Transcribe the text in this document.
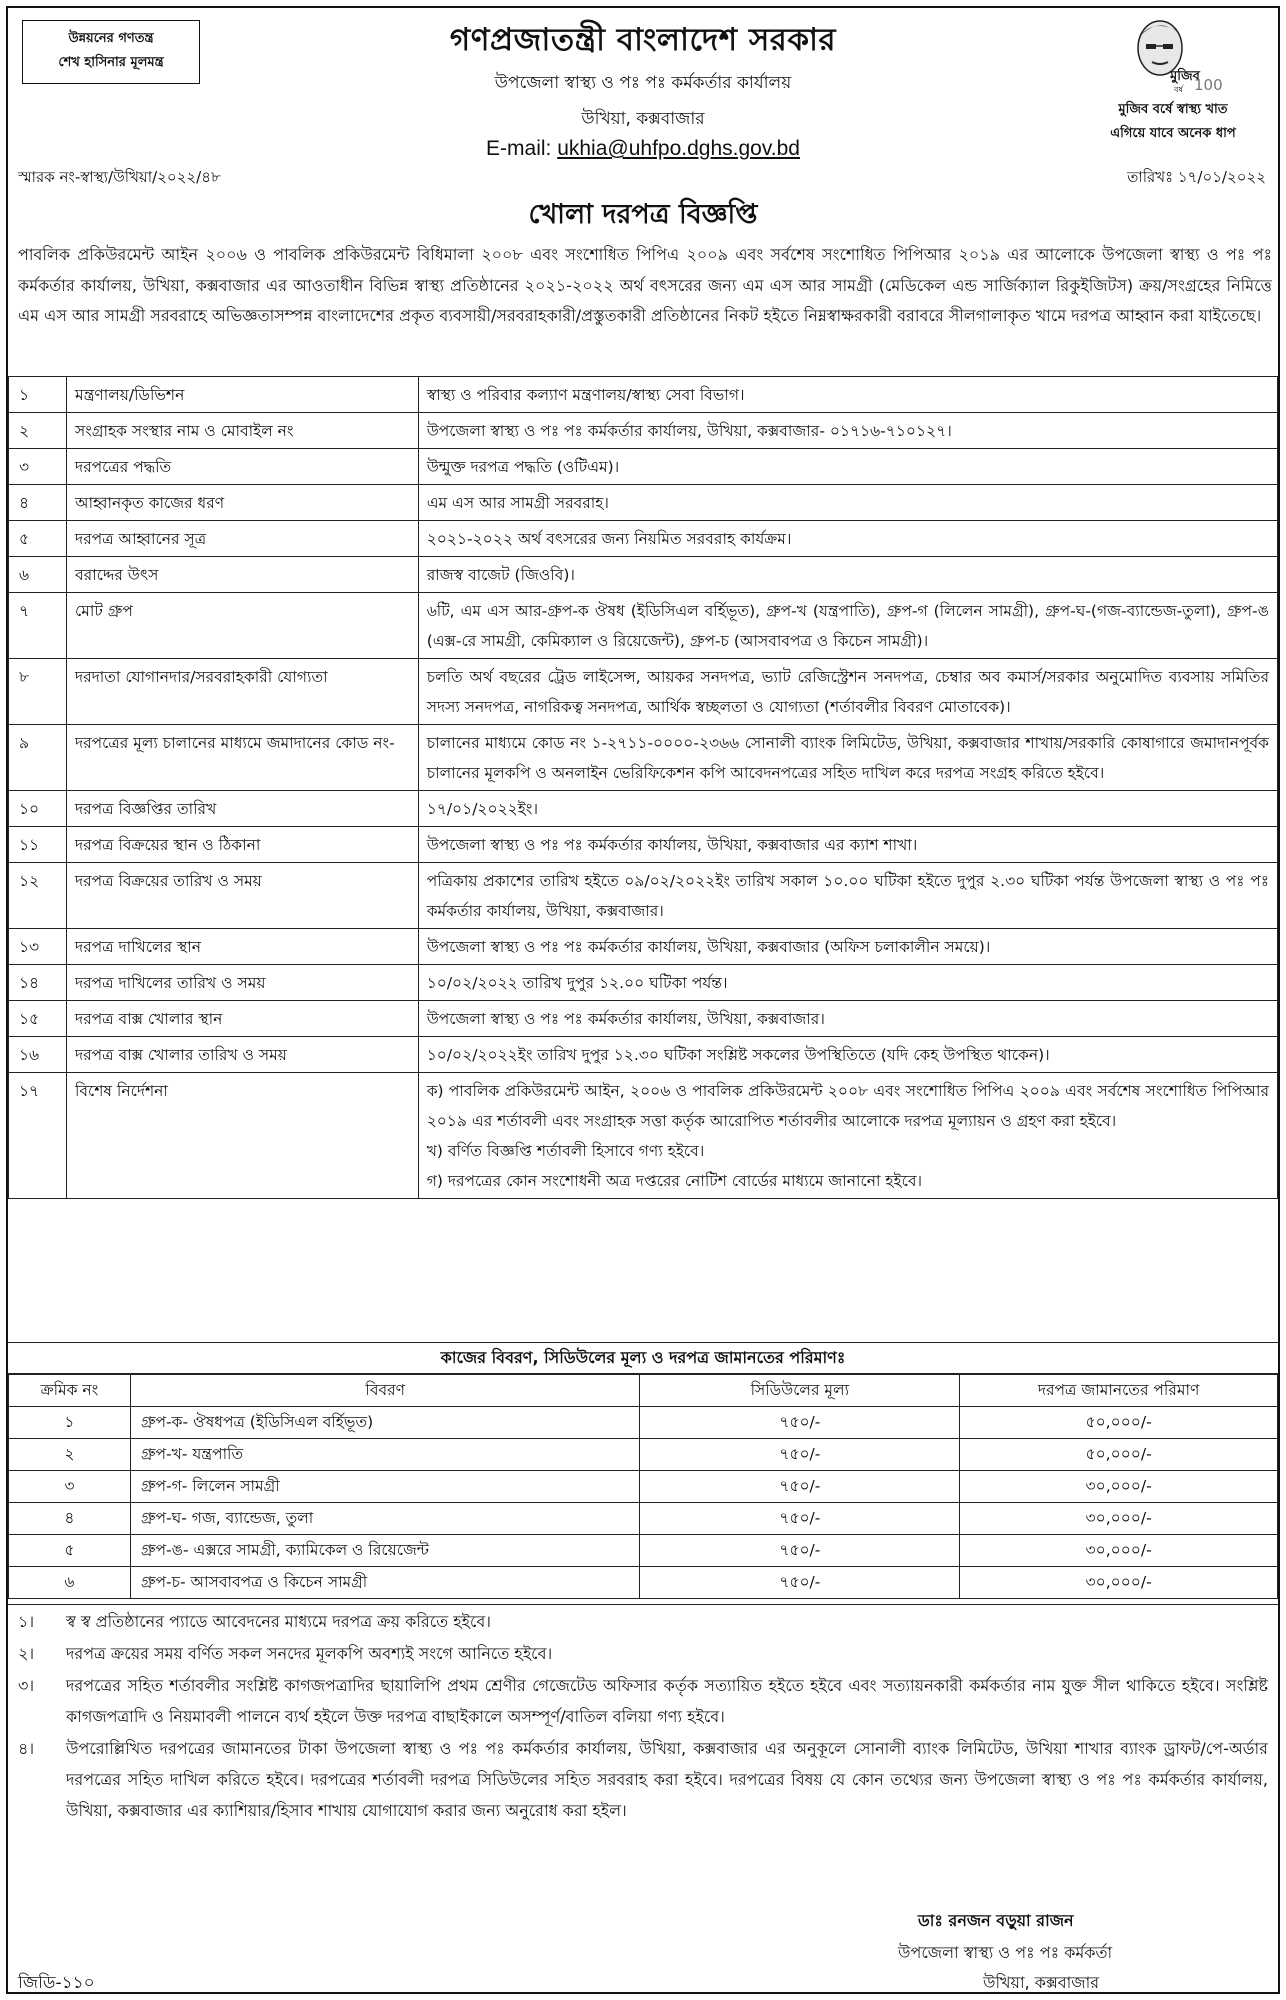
উন্নয়নের গণতন্ত্র
শেখ হাসিনার মূলমন্ত্র
গণপ্রজাতন্ত্রী বাংলাদেশ সরকার
উপজেলা স্বাস্থ্য ও পঃ পঃ কর্মকর্তার কার্যালয়
উখিয়া, কক্সবাজার
E-mail: ukhia@uhfpo.dghs.gov.bd
মুজিব
বর্ষ 100
মুজিব বর্ষে স্বাস্থ্য খাত
এগিয়ে যাবে অনেক ধাপ
স্মারক নং-স্বাস্থ্য/উখিয়া/২০২২/৪৮	তারিখঃ ১৭/০১/২০২২
খোলা দরপত্র বিজ্ঞপ্তি
পাবলিক প্রকিউরমেন্ট আইন ২০০৬ ও পাবলিক প্রকিউরমেন্ট বিধিমালা ২০০৮ এবং সংশোধিত পিপিএ ২০০৯ এবং সর্বশেষ সংশোধিত পিপিআর ২০১৯ এর আলোকে উপজেলা স্বাস্থ্য ও পঃ পঃ কর্মকর্তার কার্যালয়, উখিয়া, কক্সবাজার এর আওতাধীন বিভিন্ন স্বাস্থ্য প্রতিষ্ঠানের ২০২১-২০২২ অর্থ বৎসরের জন্য এম এস আর সামগ্রী (মেডিকেল এন্ড সার্জিক্যাল রিকুইজিটস) ক্রয়/সংগ্রহের নিমিত্তে এম এস আর সামগ্রী সরবরাহে অভিজ্ঞতাসম্পন্ন বাংলাদেশের প্রকৃত ব্যবসায়ী/সরবরাহকারী/প্রস্তুতকারী প্রতিষ্ঠানের নিকট হইতে নিম্নস্বাক্ষরকারী বরাবরে সীলগালাকৃত খামে দরপত্র আহ্বান করা যাইতেছে।
১	মন্ত্রণালয়/ডিভিশন	স্বাস্থ্য ও পরিবার কল্যাণ মন্ত্রণালয়/স্বাস্থ্য সেবা বিভাগ।
২	সংগ্রাহক সংস্থার নাম ও মোবাইল নং	উপজেলা স্বাস্থ্য ও পঃ পঃ কর্মকর্তার কার্যালয়, উখিয়া, কক্সবাজার- ০১৭১৬-৭১০১২৭।
৩	দরপত্রের পদ্ধতি	উন্মুক্ত দরপত্র পদ্ধতি (ওটিএম)।
৪	আহ্বানকৃত কাজের ধরণ	এম এস আর সামগ্রী সরবরাহ।
৫	দরপত্র আহ্বানের সূত্র	২০২১-২০২২ অর্থ বৎসরের জন্য নিয়মিত সরবরাহ কার্যক্রম।
৬	বরাদ্দের উৎস	রাজস্ব বাজেট (জিওবি)।
৭	মোট গ্রুপ	৬টি, এম এস আর-গ্রুপ-ক ঔষধ (ইডিসিএল বর্হিভূত), গ্রুপ-খ (যন্ত্রপাতি), গ্রুপ-গ (লিলেন সামগ্রী), গ্রুপ-ঘ-(গজ-ব্যান্ডেজ-তুলা), গ্রুপ-ঙ (এক্স-রে সামগ্রী, কেমিক্যাল ও রিয়েজেন্ট), গ্রুপ-চ (আসবাবপত্র ও কিচেন সামগ্রী)।
৮	দরদাতা যোগানদার/সরবরাহকারী যোগ্যতা	চলতি অর্থ বছরের ট্রেড লাইসেন্স, আয়কর সনদপত্র, ভ্যাট রেজিস্ট্রেশন সনদপত্র, চেম্বার অব কমার্স/সরকার অনুমোদিত ব্যবসায় সমিতির সদস্য সনদপত্র, নাগরিকত্ব সনদপত্র, আর্থিক স্বচ্ছলতা ও যোগ্যতা (শর্তাবলীর বিবরণ মোতাবেক)।
৯	দরপত্রের মূল্য চালানের মাধ্যমে জমাদানের কোড নং-	চালানের মাধ্যমে কোড নং ১-২৭১১-০০০০-২৩৬৬ সোনালী ব্যাংক লিমিটেড, উখিয়া, কক্সবাজার শাখায়/সরকারি কোষাগারে জমাদানপূর্বক চালানের মূলকপি ও অনলাইন ভেরিফিকেশন কপি আবেদনপত্রের সহিত দাখিল করে দরপত্র সংগ্রহ করিতে হইবে।
১০	দরপত্র বিজ্ঞপ্তির তারিখ	১৭/০১/২০২২ইং।
১১	দরপত্র বিক্রয়ের স্থান ও ঠিকানা	উপজেলা স্বাস্থ্য ও পঃ পঃ কর্মকর্তার কার্যালয়, উখিয়া, কক্সবাজার এর ক্যাশ শাখা।
১২	দরপত্র বিক্রয়ের তারিখ ও সময়	পত্রিকায় প্রকাশের তারিখ হইতে ০৯/০২/২০২২ইং তারিখ সকাল ১০.০০ ঘটিকা হইতে দুপুর ২.৩০ ঘটিকা পর্যন্ত উপজেলা স্বাস্থ্য ও পঃ পঃ কর্মকর্তার কার্যালয়, উখিয়া, কক্সবাজার।
১৩	দরপত্র দাখিলের স্থান	উপজেলা স্বাস্থ্য ও পঃ পঃ কর্মকর্তার কার্যালয়, উখিয়া, কক্সবাজার (অফিস চলাকালীন সময়ে)।
১৪	দরপত্র দাখিলের তারিখ ও সময়	১০/০২/২০২২ তারিখ দুপুর ১২.০০ ঘটিকা পর্যন্ত।
১৫	দরপত্র বাক্স খোলার স্থান	উপজেলা স্বাস্থ্য ও পঃ পঃ কর্মকর্তার কার্যালয়, উখিয়া, কক্সবাজার।
১৬	দরপত্র বাক্স খোলার তারিখ ও সময়	১০/০২/২০২২ইং তারিখ দুপুর ১২.৩০ ঘটিকা সংশ্লিষ্ট সকলের উপস্থিতিতে (যদি কেহ উপস্থিত থাকেন)।
১৭	বিশেষ নির্দেশনা	ক) পাবলিক প্রকিউরমেন্ট আইন, ২০০৬ ও পাবলিক প্রকিউরমেন্ট ২০০৮ এবং সংশোধিত পিপিএ ২০০৯ এবং সর্বশেষ সংশোধিত পিপিআর ২০১৯ এর শর্তাবলী এবং সংগ্রাহক সত্তা কর্তৃক আরোপিত শর্তাবলীর আলোকে দরপত্র মূল্যায়ন ও গ্রহণ করা হইবে।
খ) বর্ণিত বিজ্ঞপ্তি শর্তাবলী হিসাবে গণ্য হইবে।
গ) দরপত্রের কোন সংশোধনী অত্র দপ্তরের নোটিশ বোর্ডের মাধ্যমে জানানো হইবে।
কাজের বিবরণ, সিডিউলের মূল্য ও দরপত্র জামানতের পরিমাণঃ
ক্রমিক নং	বিবরণ	সিডিউলের মূল্য	দরপত্র জামানতের পরিমাণ
১	গ্রুপ-ক- ঔষধপত্র (ইডিসিএল বর্হিভূত)	৭৫০/-	৫০,০০০/-
২	গ্রুপ-খ- যন্ত্রপাতি	৭৫০/-	৫০,০০০/-
৩	গ্রুপ-গ- লিলেন সামগ্রী	৭৫০/-	৩০,০০০/-
৪	গ্রুপ-ঘ- গজ, ব্যান্ডেজ, তুলা	৭৫০/-	৩০,০০০/-
৫	গ্রুপ-ঙ- এক্সরে সামগ্রী, ক্যামিকেল ও রিয়েজেন্ট	৭৫০/-	৩০,০০০/-
৬	গ্রুপ-চ- আসবাবপত্র ও কিচেন সামগ্রী	৭৫০/-	৩০,০০০/-
১।	স্ব স্ব প্রতিষ্ঠানের প্যাডে আবেদনের মাধ্যমে দরপত্র ক্রয় করিতে হইবে।
২।	দরপত্র ক্রয়ের সময় বর্ণিত সকল সনদের মূলকপি অবশ্যই সংগে আনিতে হইবে।
৩।	দরপত্রের সহিত শর্তাবলীর সংশ্লিষ্ট কাগজপত্রাদির ছায়ালিপি প্রথম শ্রেণীর গেজেটেড অফিসার কর্তৃক সত্যায়িত হইতে হইবে এবং সত্যায়নকারী কর্মকর্তার নাম যুক্ত সীল থাকিতে হইবে। সংশ্লিষ্ট কাগজপত্রাদি ও নিয়মাবলী পালনে ব্যর্থ হইলে উক্ত দরপত্র বাছাইকালে অসম্পূর্ণ/বাতিল বলিয়া গণ্য হইবে।
৪।	উপরোল্লিখিত দরপত্রের জামানতের টাকা উপজেলা স্বাস্থ্য ও পঃ পঃ কর্মকর্তার কার্যালয়, উখিয়া, কক্সবাজার এর অনুকূলে সোনালী ব্যাংক লিমিটেড, উখিয়া শাখার ব্যাংক ড্রাফট/পে-অর্ডার দরপত্রের সহিত দাখিল করিতে হইবে। দরপত্রের শর্তাবলী দরপত্র সিডিউলের সহিত সরবরাহ করা হইবে। দরপত্রের বিষয় যে কোন তথ্যের জন্য উপজেলা স্বাস্থ্য ও পঃ পঃ কর্মকর্তার কার্যালয়, উখিয়া, কক্সবাজার এর ক্যাশিয়ার/হিসাব শাখায় যোগাযোগ করার জন্য অনুরোধ করা হইল।
ডাঃ রনজন বড়ুয়া রাজন
উপজেলা স্বাস্থ্য ও পঃ পঃ কর্মকর্তা
উখিয়া, কক্সবাজার
জিডি-১১০
